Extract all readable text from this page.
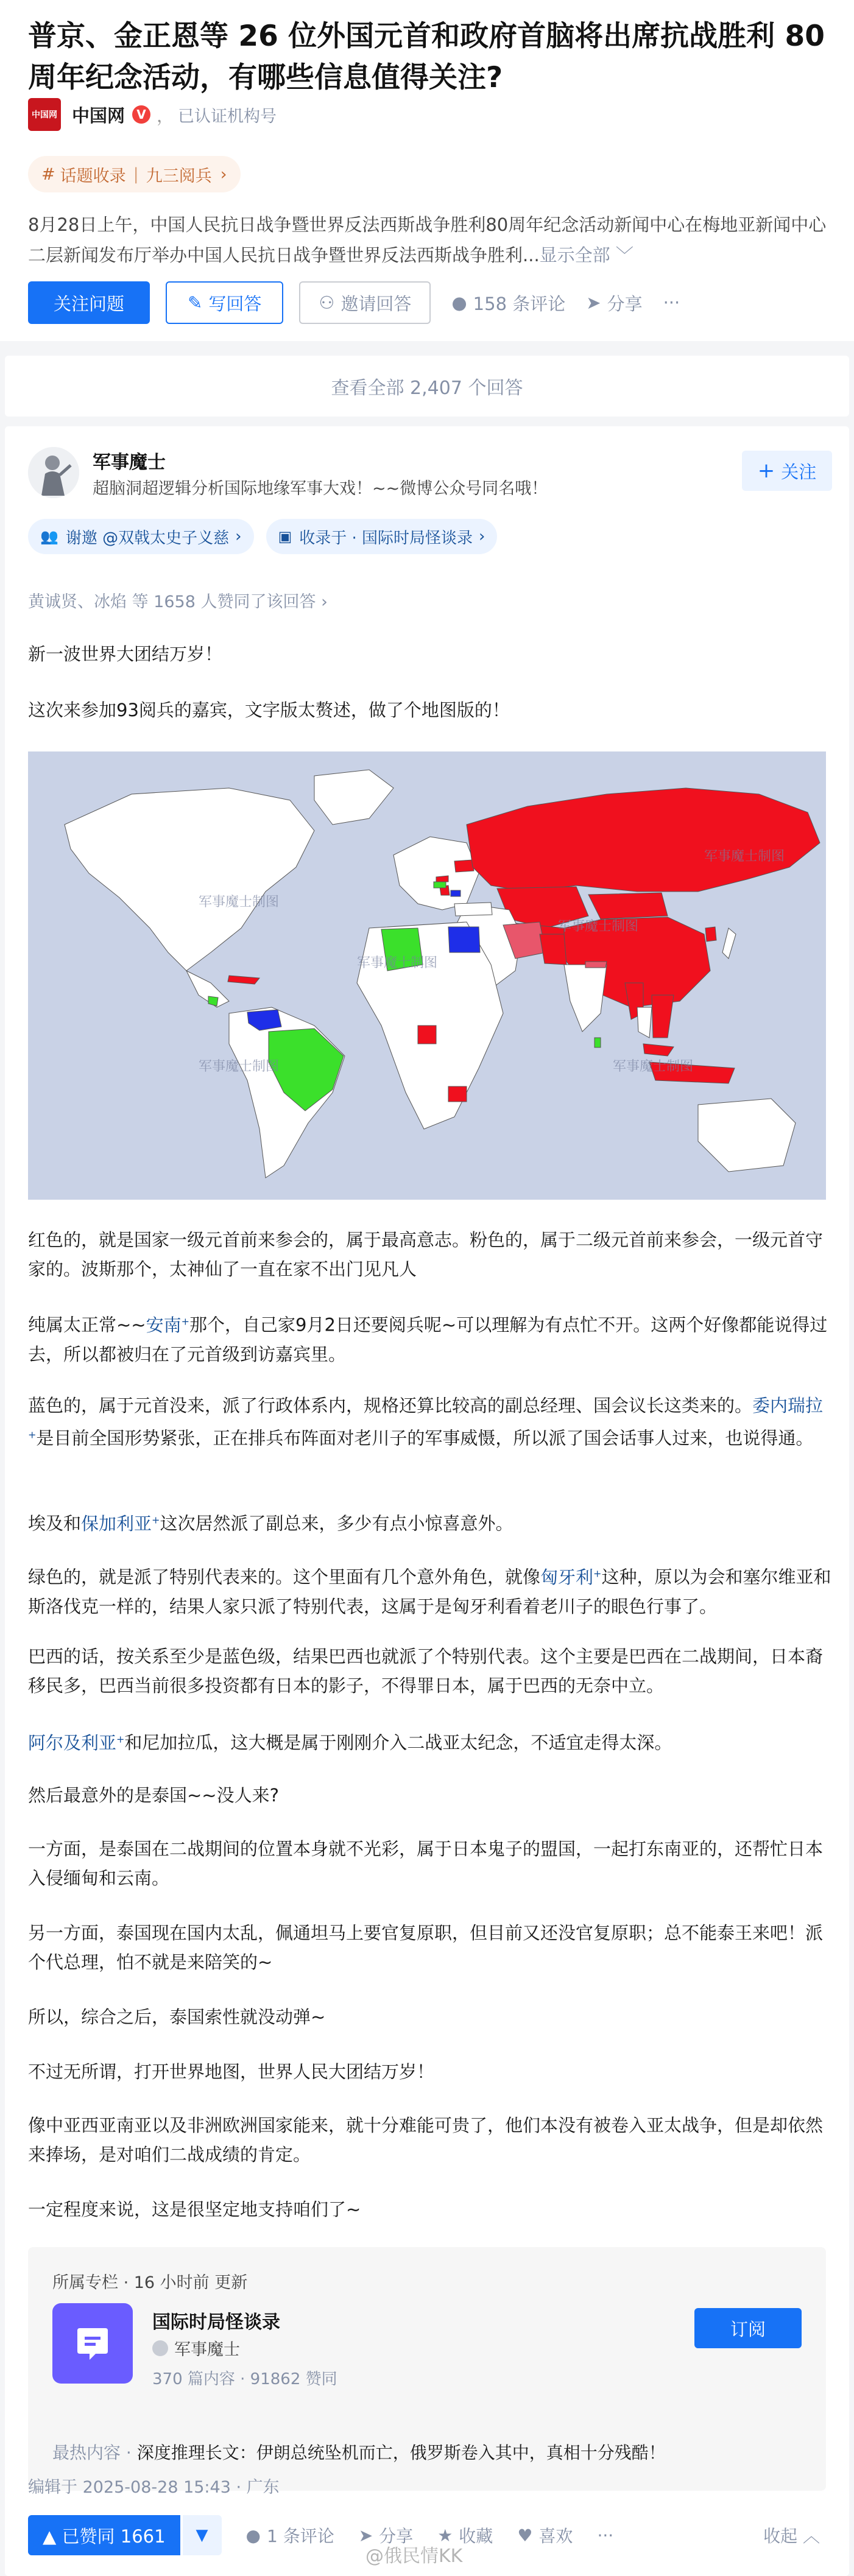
普京、金正恩等 26 位外国元首和政府首脑将出席抗战胜利 80 周年纪念活动，有哪些信息值得关注?
中国网 中国网 V ， 已认证机构号
# 话题收录 | 九三阅兵 ›
8月28日上午，中国人民抗日战争暨世界反法西斯战争胜利80周年纪念活动新闻中心在梅地亚新闻中心二层新闻发布厅举办中国人民抗日战争暨世界反法西斯战争胜利...显示全部 ﹀
关注问题	✎ 写回答	⚇ 邀请回答 ● 158 条评论 ➤ 分享 ···
查看全部 2,407 个回答
军事魔士
超脑洞超逻辑分析国际地缘军事大戏！~~微博公众号同名哦！
+ 关注
👥 谢邀 @双戟太史子义慈 ›	▣ 收录于 · 国际时局怪谈录 ›
黄诚贤、冰焰 等 1658 人赞同了该回答 ›
新一波世界大团结万岁！
这次来参加93阅兵的嘉宾，文字版太赘述，做了个地图版的！
军事魔士制图
军事魔士制图
军事魔士制图
军事魔士制图
军事魔士制图	军事魔士制图
红色的，就是国家一级元首前来参会的，属于最高意志。粉色的，属于二级元首前来参会，一级元首守家的。波斯那个，太神仙了一直在家不出门见凡人
纯属太正常~~安南+那个，自己家9月2日还要阅兵呢~可以理解为有点忙不开。这两个好像都能说得过去，所以都被归在了元首级到访嘉宾里。
蓝色的，属于元首没来，派了行政体系内，规格还算比较高的副总经理、国会议长这类来的。委内瑞拉+是目前全国形势紧张，正在排兵布阵面对老川子的军事威慑，所以派了国会话事人过来，也说得通。
埃及和保加利亚+这次居然派了副总来，多少有点小惊喜意外。
绿色的，就是派了特别代表来的。这个里面有几个意外角色，就像匈牙利+这种，原以为会和塞尔维亚和斯洛伐克一样的，结果人家只派了特别代表，这属于是匈牙利看着老川子的眼色行事了。
巴西的话，按关系至少是蓝色级，结果巴西也就派了个特别代表。这个主要是巴西在二战期间，日本裔移民多，巴西当前很多投资都有日本的影子，不得罪日本，属于巴西的无奈中立。
阿尔及利亚+和尼加拉瓜，这大概是属于刚刚介入二战亚太纪念，不适宜走得太深。
然后最意外的是泰国~~没人来?
一方面，是泰国在二战期间的位置本身就不光彩，属于日本鬼子的盟国，一起打东南亚的，还帮忙日本入侵缅甸和云南。
另一方面，泰国现在国内太乱，佩通坦马上要官复原职，但目前又还没官复原职；总不能泰王来吧！派个代总理，怕不就是来陪笑的~
所以，综合之后，泰国索性就没动弹~
不过无所谓，打开世界地图，世界人民大团结万岁！
像中亚西亚南亚以及非洲欧洲国家能来，就十分难能可贵了，他们本没有被卷入亚太战争，但是却依然来捧场，是对咱们二战成绩的肯定。
一定程度来说，这是很坚定地支持咱们了~
所属专栏 · 16 小时前 更新
国际时局怪谈录
军事魔士
370 篇内容 · 91862 赞同
订阅
最热内容 · 深度推理长文：伊朗总统坠机而亡，俄罗斯卷入其中，真相十分残酷！
编辑于 2025-08-28 15:43 · 广东
▲ 已赞同 1661	▼	● 1 条评论 ➤ 分享 ★ 收藏 ♥ 喜欢 ···	收起 ︿
@俄民情KK
